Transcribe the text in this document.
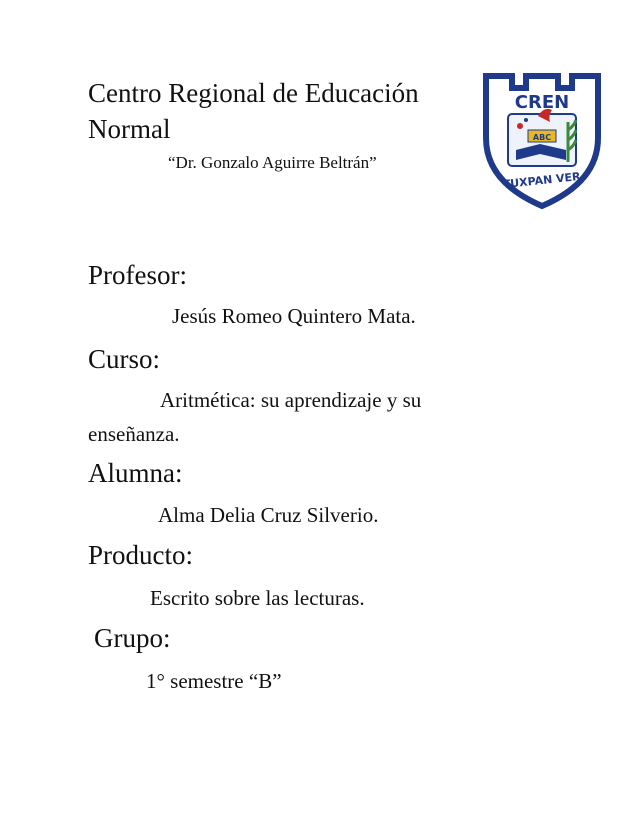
Centro Regional de Educación
Normal
“Dr. Gonzalo Aguirre Beltrán”
CREN
ABC
TUXPAN VER
Profesor:
Jesús Romeo Quintero Mata.
Curso:
Aritmética: su aprendizaje y su
enseñanza.
Alumna:
Alma Delia Cruz Silverio.
Producto:
Escrito sobre las lecturas.
Grupo:
1° semestre “B”
